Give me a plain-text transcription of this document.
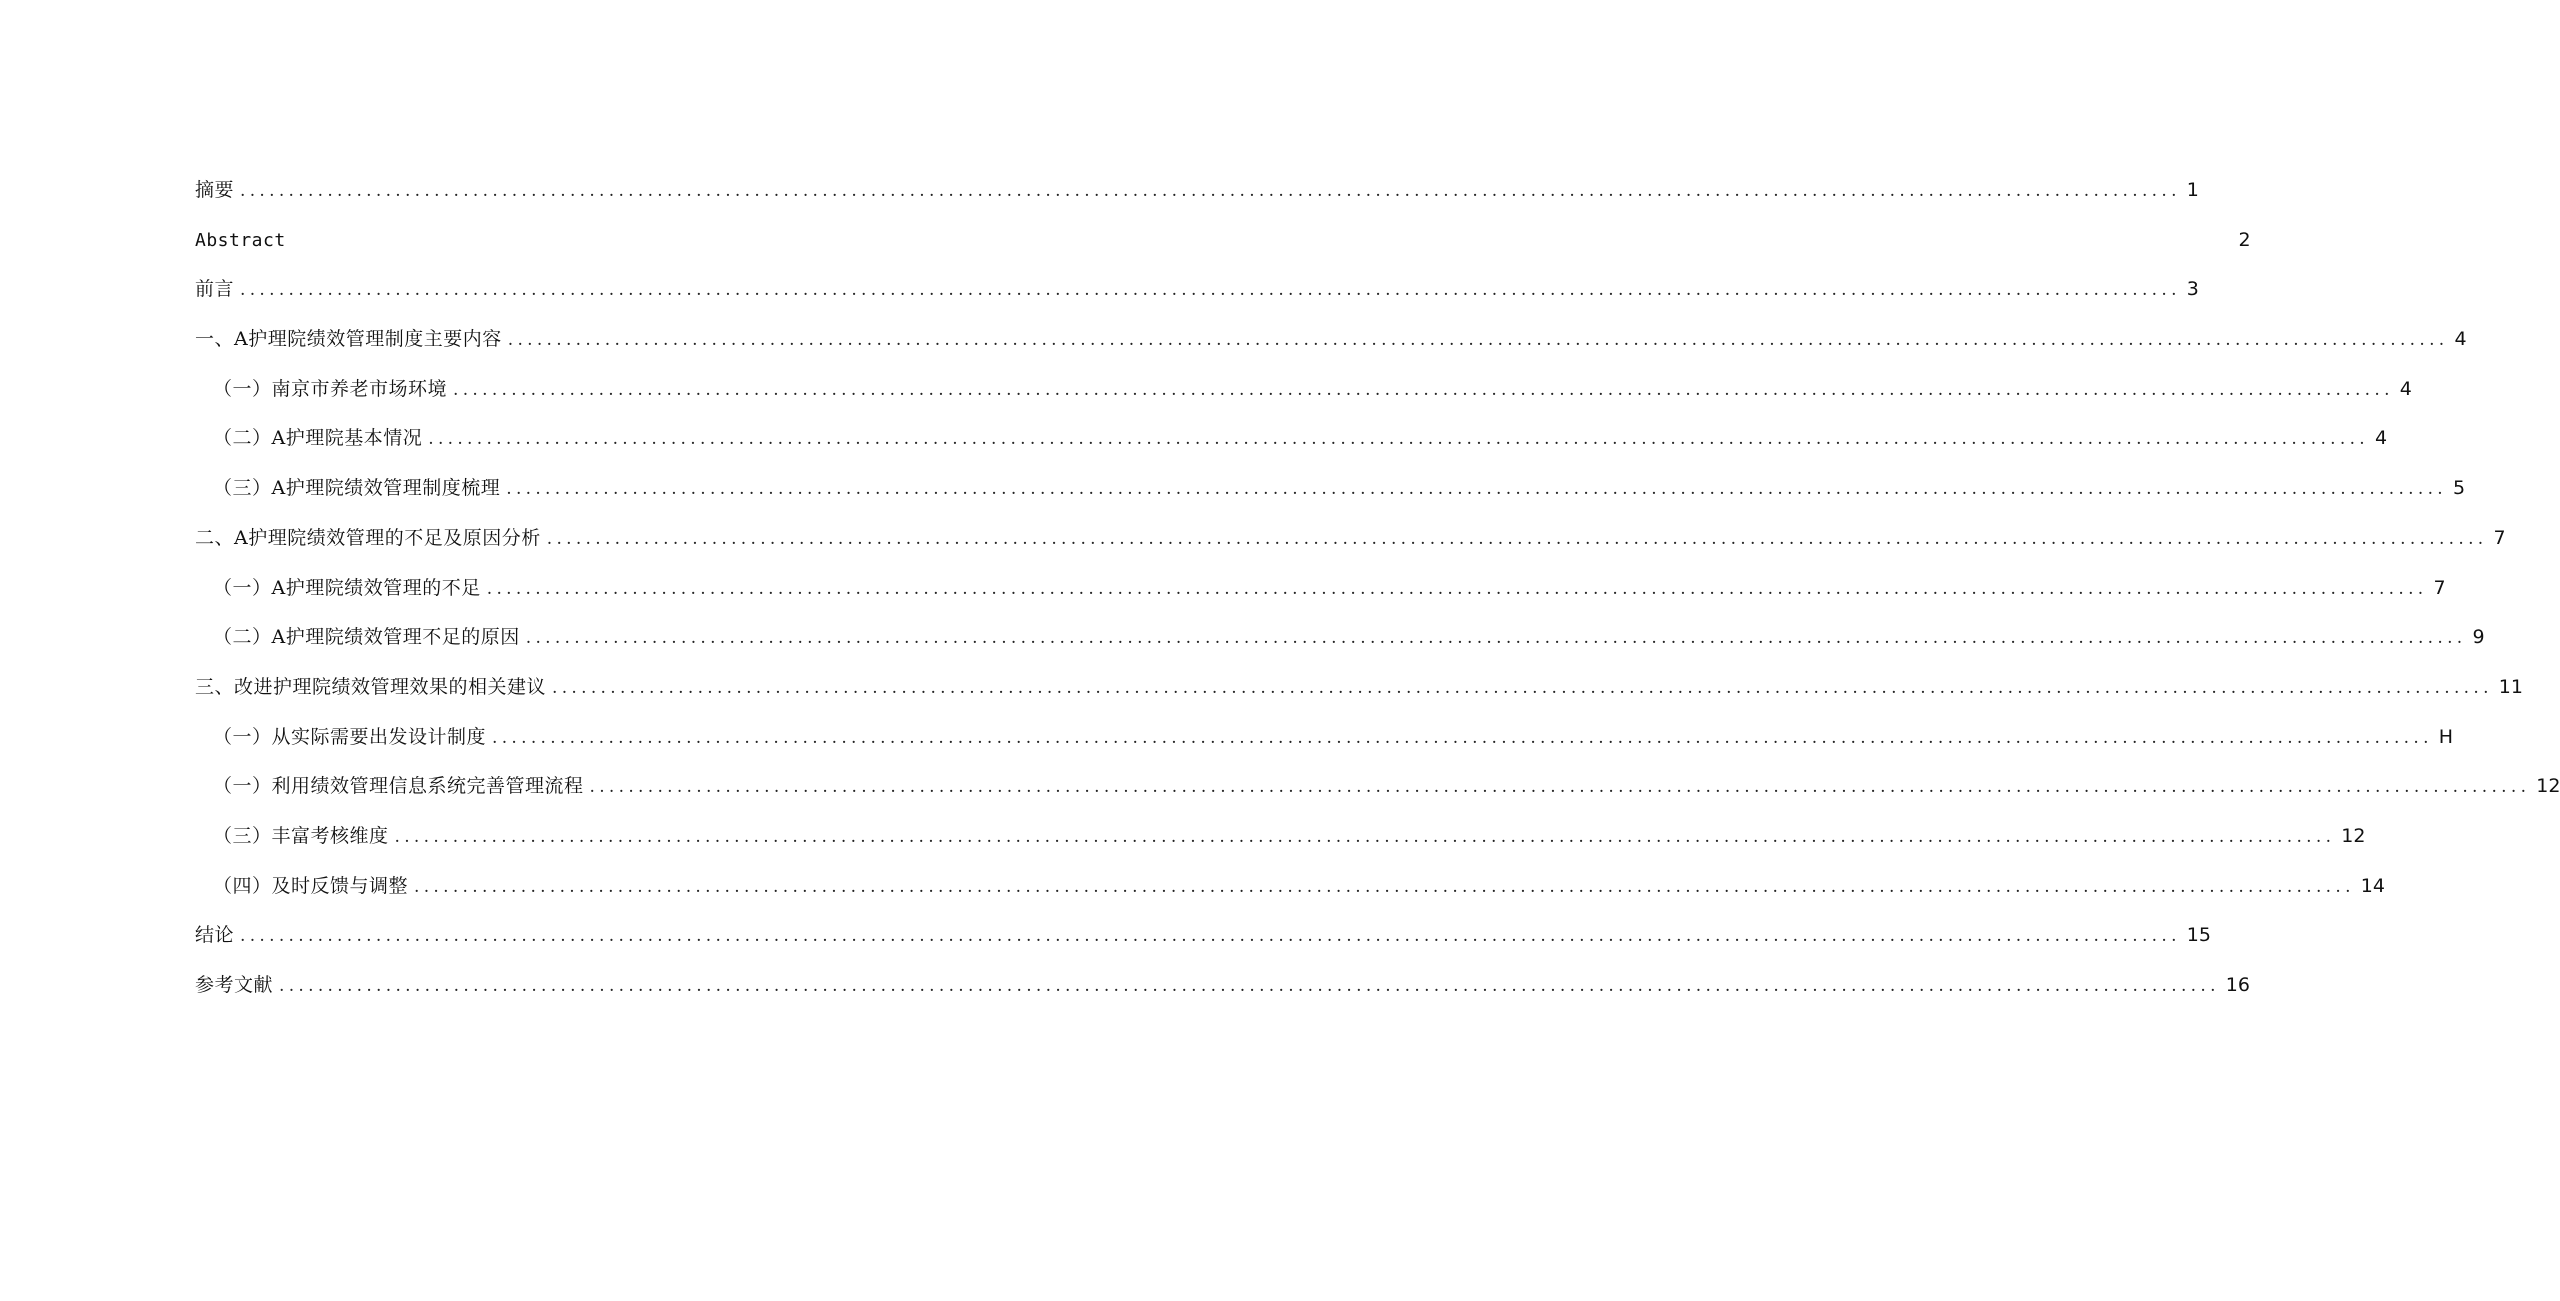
摘要 ........................................................................................................................................................................................................ 1
Abstract	2
前言 ........................................................................................................................................................................................................ 3
一、A护理院绩效管理制度主要内容 ........................................................................................................................................................................................................ 4
（一）南京市养老市场环境 ........................................................................................................................................................................................................ 4
（二）A护理院基本情况 ........................................................................................................................................................................................................ 4
（三）A护理院绩效管理制度梳理 ........................................................................................................................................................................................................ 5
二、A护理院绩效管理的不足及原因分析 ........................................................................................................................................................................................................ 7
（一）A护理院绩效管理的不足 ........................................................................................................................................................................................................ 7
（二）A护理院绩效管理不足的原因 ........................................................................................................................................................................................................ 9
三、改进护理院绩效管理效果的相关建议 ........................................................................................................................................................................................................ 11
（一）从实际需要出发设计制度 ........................................................................................................................................................................................................ H
（一）利用绩效管理信息系统完善管理流程 ........................................................................................................................................................................................................ 12
（三）丰富考核维度 ........................................................................................................................................................................................................ 12
（四）及时反馈与调整 ........................................................................................................................................................................................................ 14
结论 ........................................................................................................................................................................................................ 15
参考文献 ........................................................................................................................................................................................................ 16
